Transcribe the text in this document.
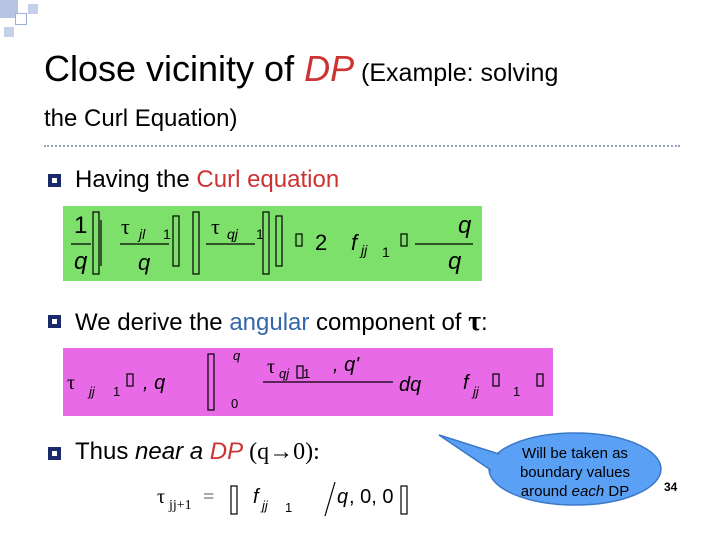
Close vicinity of DP (Example: solving
the Curl Equation)
Having the Curl equation
1
q
τ jl 1
q
τ qj 1 2 f jj 1
q
q
We derive the angular component of τ:
τ jj 1 , q
q
τ qj 1 , q'
0
dq f jj	1
Thus near a DP (q→0):
τ jj+1 = f jj 1 q , 0, 0
Will be taken as
boundary values
around each DP	34
